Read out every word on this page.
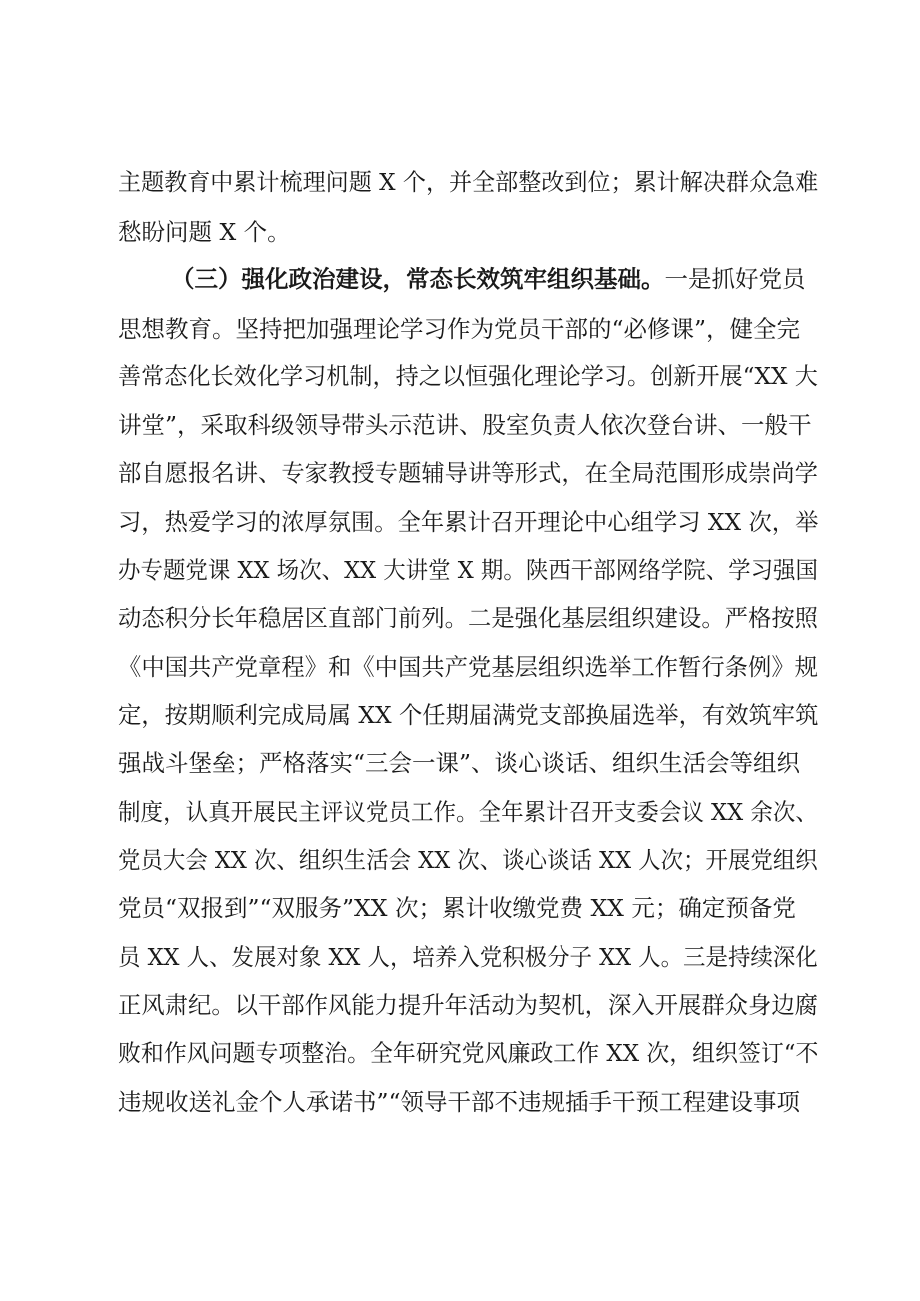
主题教育中累计梳理问题 X 个，并全部整改到位；累计解决群众急难
愁盼问题 X 个。
（三）强化政治建设，常态长效筑牢组织基础。一是抓好党员
思想教育。坚持把加强理论学习作为党员干部的“必修课”，健全完
善常态化长效化学习机制，持之以恒强化理论学习。创新开展“XX 大
讲堂”，采取科级领导带头示范讲、股室负责人依次登台讲、一般干
部自愿报名讲、专家教授专题辅导讲等形式，在全局范围形成崇尚学
习，热爱学习的浓厚氛围。全年累计召开理论中心组学习 XX 次，举
办专题党课 XX 场次、XX 大讲堂 X 期。陕西干部网络学院、学习强国
动态积分长年稳居区直部门前列。二是强化基层组织建设。严格按照
《中国共产党章程》和《中国共产党基层组织选举工作暂行条例》规
定，按期顺利完成局属 XX 个任期届满党支部换届选举，有效筑牢筑
强战斗堡垒；严格落实“三会一课”、谈心谈话、组织生活会等组织
制度，认真开展民主评议党员工作。全年累计召开支委会议 XX 余次、
党员大会 XX 次、组织生活会 XX 次、谈心谈话 XX 人次；开展党组织
党员“双报到”“双服务”XX 次；累计收缴党费 XX 元；确定预备党
员 XX 人、发展对象 XX 人，培养入党积极分子 XX 人。三是持续深化
正风肃纪。以干部作风能力提升年活动为契机，深入开展群众身边腐
败和作风问题专项整治。全年研究党风廉政工作 XX 次，组织签订“不
违规收送礼金个人承诺书”“领导干部不违规插手干预工程建设事项
